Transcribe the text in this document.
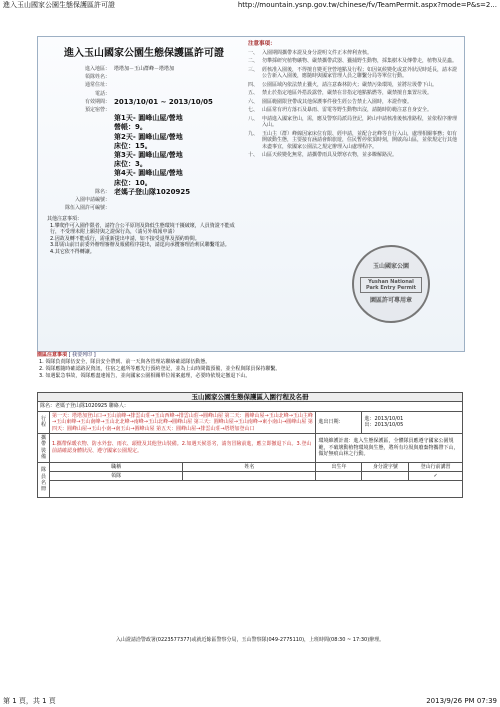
進入玉山國家公園生態保護區許可證	http://mountain.ysnp.gov.tw/chinese/fv/TeamPermit.aspx?mode=P&s=2...
進入玉山國家公園生態保護區許可證
進入地區： 塔塔加－玉山群峰－塔塔加
領隊姓名：
通常住址：
電話：
有效期間： 2013/10/01 ~ 2013/10/05
預定宿營：
第1天- 圓峰山屋/營地
營帳：9。
第2天- 圓峰山屋/營地
床位：15。
第3天- 圓峰山屋/營地
床位：3。
第4天- 圓峰山屋/營地
床位：10。
隊名： 老媽子登山隊1020925
入園申請編號：
隊伍入園許可編號：
其他注意事項：
1.攀爬作可入園作限者，請符合公平原則及降低生態環境干擾破壞，人員資證不能成行，不受理未附上願持與之證保行為，（請另外填報申請）
2.因故及轉不能成行，需重新提出申請，如不接受退單及預約時間。
3.即需山前日前委外辦理審辦及報備程序提出，請逕向承攬審理治莉民聯繫電話。
4.其它依不得轉讓。
注意事項：
一、 入園期間攜帶本證及身分證明文件正本俾利查核。
二、 勿攀採研究植物礦物、嚴禁攜帶武器、獵捕野生動物，採集樹木及傳帶走，植物及昆蟲。
三、 經核准入園後，不得擅自變更登營地點及行程；如因氣候變化或意外狀況時延長，請本證公告新入入園後，應隨時與國家管理人員之聯繫分局等單位行動。
四、 公園區域內依法禁止獵火，請注意森林防火；嚴禁污染環境，並將垃圾帶下山。
五、 禁止於指定地區外搭設露營，嚴禁在非指定地點點燃等，嚴禁擅自棄置垃圾。
六、 園區範圍限登帶或其他保護事件發生經公告禁止入園時，本證作廢。
七、 山區常有坍方落石及暴雨、雷電等野生動物出沒，請隨時防範注意自身安全。
八、 申請進入國家登山，需，應及警察局派局登記，跨山申請核准後核准路程，並依程序辦理入山。
九、 玉山主（群）峰線因家床位有限、經申請，並配合北峰等自行入山，處理相關事務；如有開啟動生態，主要接有涵請會館旅遊，住民暫停依頂時刻，開啟高山區，並依規定行其他未盡事宜，依國家公園法之規定辦理入山處理程序。
十、 山區天候變化無常，請攜帶雨具及禦寒衣物，並多瞭解路況。
玉山國家公園
Yushan National Park Entry Permit
園區許可專用章
園區注意事項 [ 我要列印 ]
1. 領隊負責隊伍安全，隊員安全帶到、前一天與各管理站聯絡確認隊伍動態。
2. 領隊應隨時確認路況資訊，住宿之處所等應先行預約登記，並為上山時間做預備，並全程與隊員保持聯繫。
3. 如遇緊急事故，領隊應盡速報告，並向國家公園相關單位報案處理，必要時依規定撤退下山。
玉山國家公園生態保護區入園行程及名冊					
隊名：老媽子登山隊1020925 聯絡人：					
行程	第一天：塔塔加登山口→玉山前峰→排雲山莊→玉山西峰→排雲山莊→圓峰山屋 第二天：圓峰山屋→玉山北峰→玉山主峰→玉山東峰→玉山南峰→玉山北北峰→南峰→玉山北峰→圓峰山屋 第三天：圓峰山屋→玉山南峰→東小南山→圓峰山屋 第四天：圓峰山屋→玉山小南→南玉山→圓峰山屋 第五天：圓峰山屋→排雲山莊→塔塔加登山口		進出日期：	進：2013/10/01
出：2013/10/05	

攜帶裝備	1.攜帶保暖衣物、防水外套、雨衣、頭燈及其他登山裝備。2.如遇天候惡劣，請勿冒險前進，應立即撤退下山。3.登山前請確認身體狀況、遵守國家公園規定。		環境維護計畫：進入生態保護區，全體隊員應遵守國家公園規範，不破壞動植物環境與生態，將所有垃圾與廢棄物攜帶下山，做好無痕山林之行動。		
隊員名冊	職稱	姓名	出生年	身分證字號	登山行前講習
	領隊				✓

入山證請洽警政署(0223577377)或就近餘區警察分局，玉山警察隊(049-2775110)，上班時間(08:30 ~ 17:30)辦理。
第 1 頁，共 1 頁	2013/9/26 PM 07:39
